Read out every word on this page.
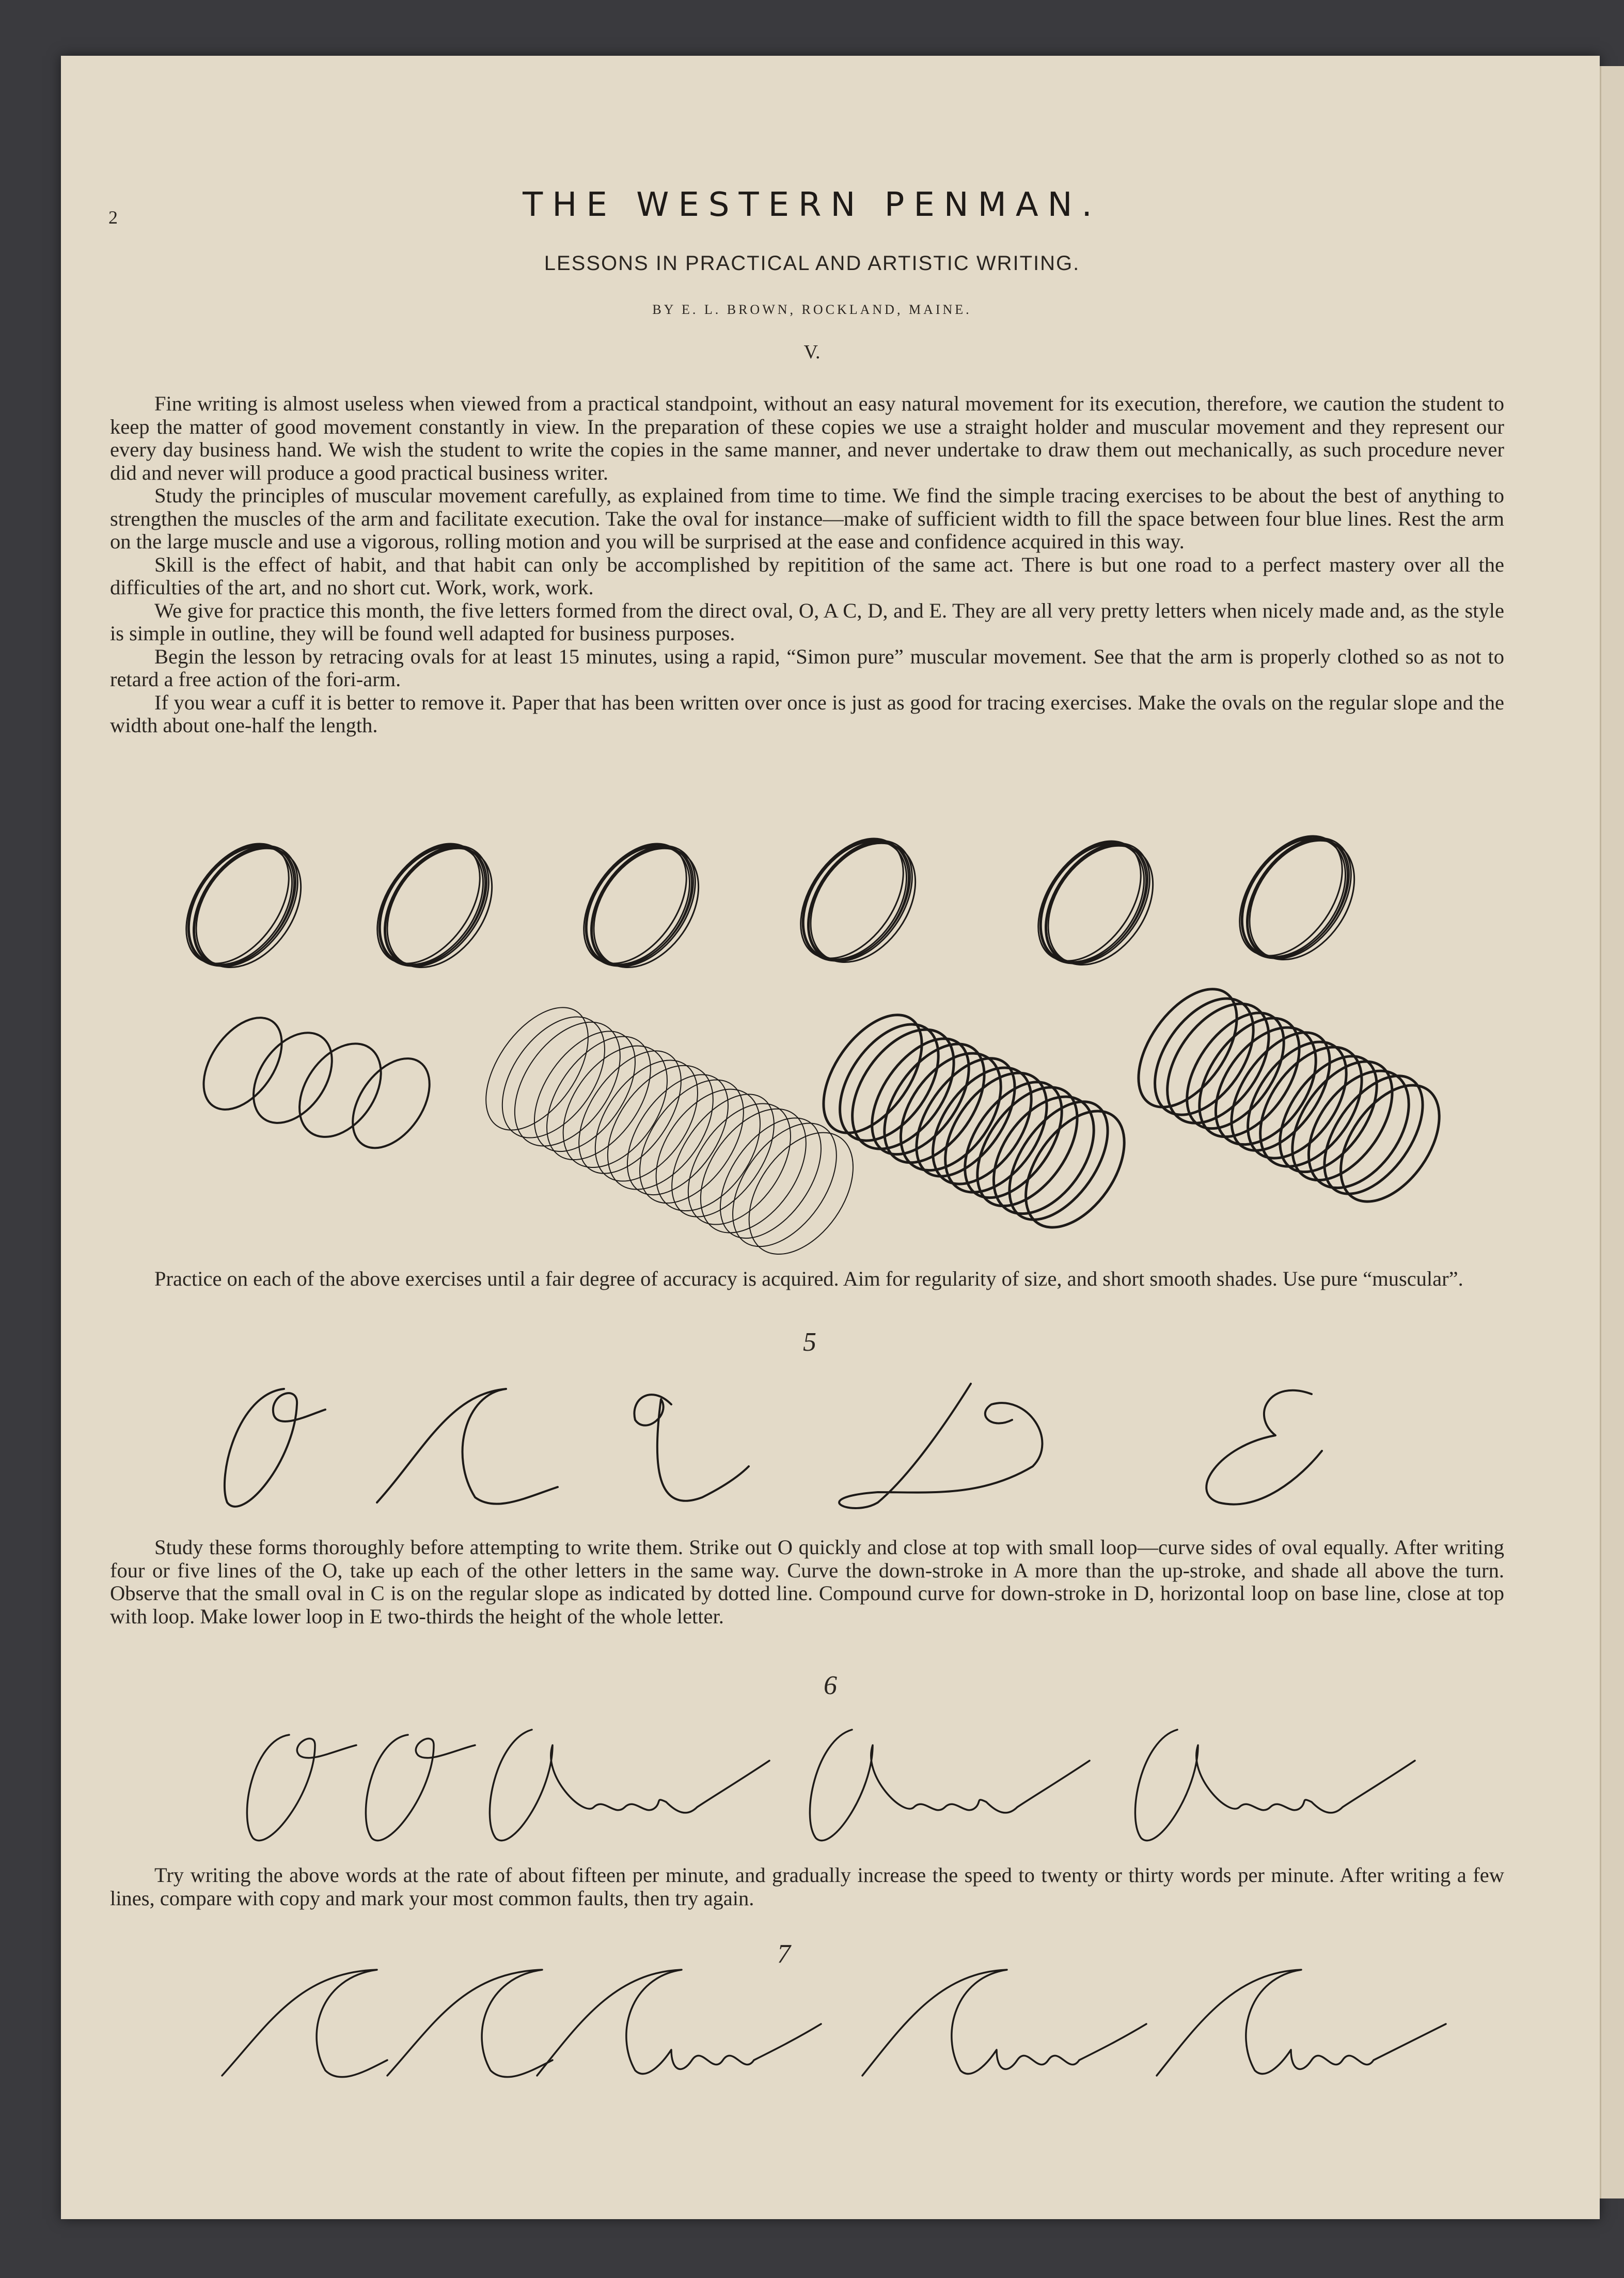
2	THE WESTERN PENMAN.
LESSONS IN PRACTICAL AND ARTISTIC WRITING.
BY E. L. BROWN, ROCKLAND, MAINE.
V.

Fine writing is almost useless when viewed from a practical standpoint, without an easy natural movement for its execution, therefore, we caution the student to keep the matter of good movement constantly in view. In the preparation of these copies we use a straight holder and muscular movement and they represent our every day business hand. We wish the student to write the copies in the same manner, and never undertake to draw them out mechanically, as such procedure never did and never will produce a good practical business writer.

Study the principles of muscular movement carefully, as explained from time to time. We find the simple tracing exercises to be about the best of anything to strengthen the muscles of the arm and facilitate execution. Take the oval for instance—make of sufficient width to fill the space between four blue lines. Rest the arm on the large muscle and use a vigorous, rolling motion and you will be surprised at the ease and confidence acquired in this way.

Skill is the effect of habit, and that habit can only be accomplished by repitition of the same act. There is but one road to a perfect mastery over all the difficulties of the art, and no short cut. Work, work, work.

We give for practice this month, the five letters formed from the direct oval, O, A C, D, and E. They are all very pretty letters when nicely made and, as the style is simple in outline, they will be found well adapted for business purposes.

Begin the lesson by retracing ovals for at least 15 minutes, using a rapid, “Simon pure” muscular movement. See that the arm is properly clothed so as not to retard a free action of the fori-arm.

If you wear a cuff it is better to remove it. Paper that has been written over once is just as good for tracing exercises. Make the ovals on the regular slope and the width about one-half the length.

Practice on each of the above exercises until a fair degree of accuracy is acquired. Aim for regularity of size, and short smooth shades. Use pure “muscular”.

5

Study these forms thoroughly before attempting to write them. Strike out O quickly and close at top with small loop—curve sides of oval equally. After writing four or five lines of the O, take up each of the other letters in the same way. Curve the down-stroke in A more than the up-stroke, and shade all above the turn. Observe that the small oval in C is on the regular slope as indicated by dotted line. Compound curve for down-stroke in D, horizontal loop on base line, close at top with loop. Make lower loop in E two-thirds the height of the whole letter.

6

Try writing the above words at the rate of about fifteen per minute, and gradually increase the speed to twenty or thirty words per minute. After writing a few lines, compare with copy and mark your most common faults, then try again.

7
